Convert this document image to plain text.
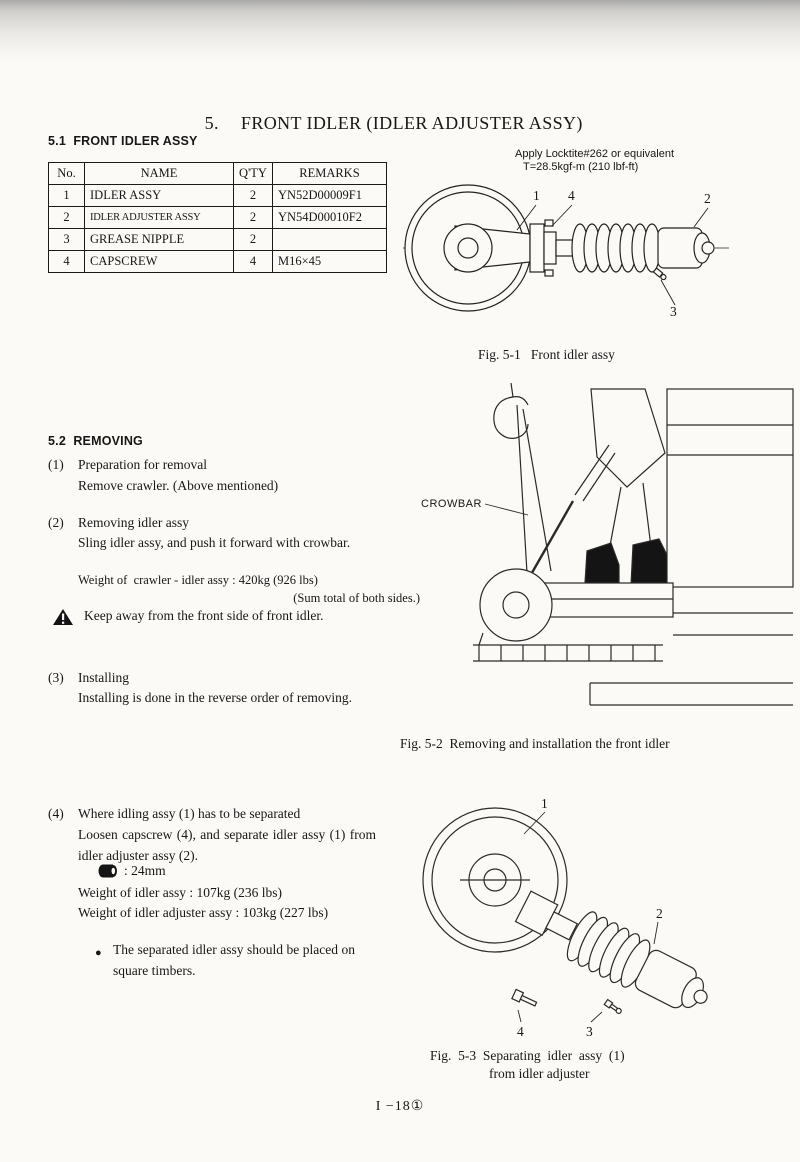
5. FRONT IDLER (IDLER ADJUSTER ASSY)

5.1  FRONT IDLER ASSY
No.	NAME	Q'TY	REMARKS
1	IDLER ASSY	2	YN52D00009F1
2	IDLER ADJUSTER ASSY	2	YN54D00010F2
3	GREASE NIPPLE	2	
4	CAPSCREW	4	M16×45
Apply Locktite#262 or equivalent
T=28.5kgf-m (210 lbf-ft)
1 4	2
3
Fig. 5-1   Front idler assy
5.2  REMOVING
(1) Preparation for removal
Remove crawler. (Above mentioned)
(2) Removing idler assy
Sling idler assy, and push it forward with crowbar.
Weight of  crawler - idler assy : 420kg (926 lbs)
(Sum total of both sides.)
Keep away from the front side of front idler.
(3) Installing
Installing is done in the reverse order of removing.
CROWBAR
Fig. 5-2  Removing and installation the front idler
(4) Where idling assy (1) has to be separated
Loosen capscrew (4), and separate idler assy (1) from idler adjuster assy (2).
: 24mm
Weight of idler assy : 107kg (236 lbs)
Weight of idler adjuster assy : 103kg (227 lbs)
● The separated idler assy should be placed on square timbers.
1
2
4	3
Fig.  5-3  Separating  idler  assy  (1)
from idler adjuster
I −18①
